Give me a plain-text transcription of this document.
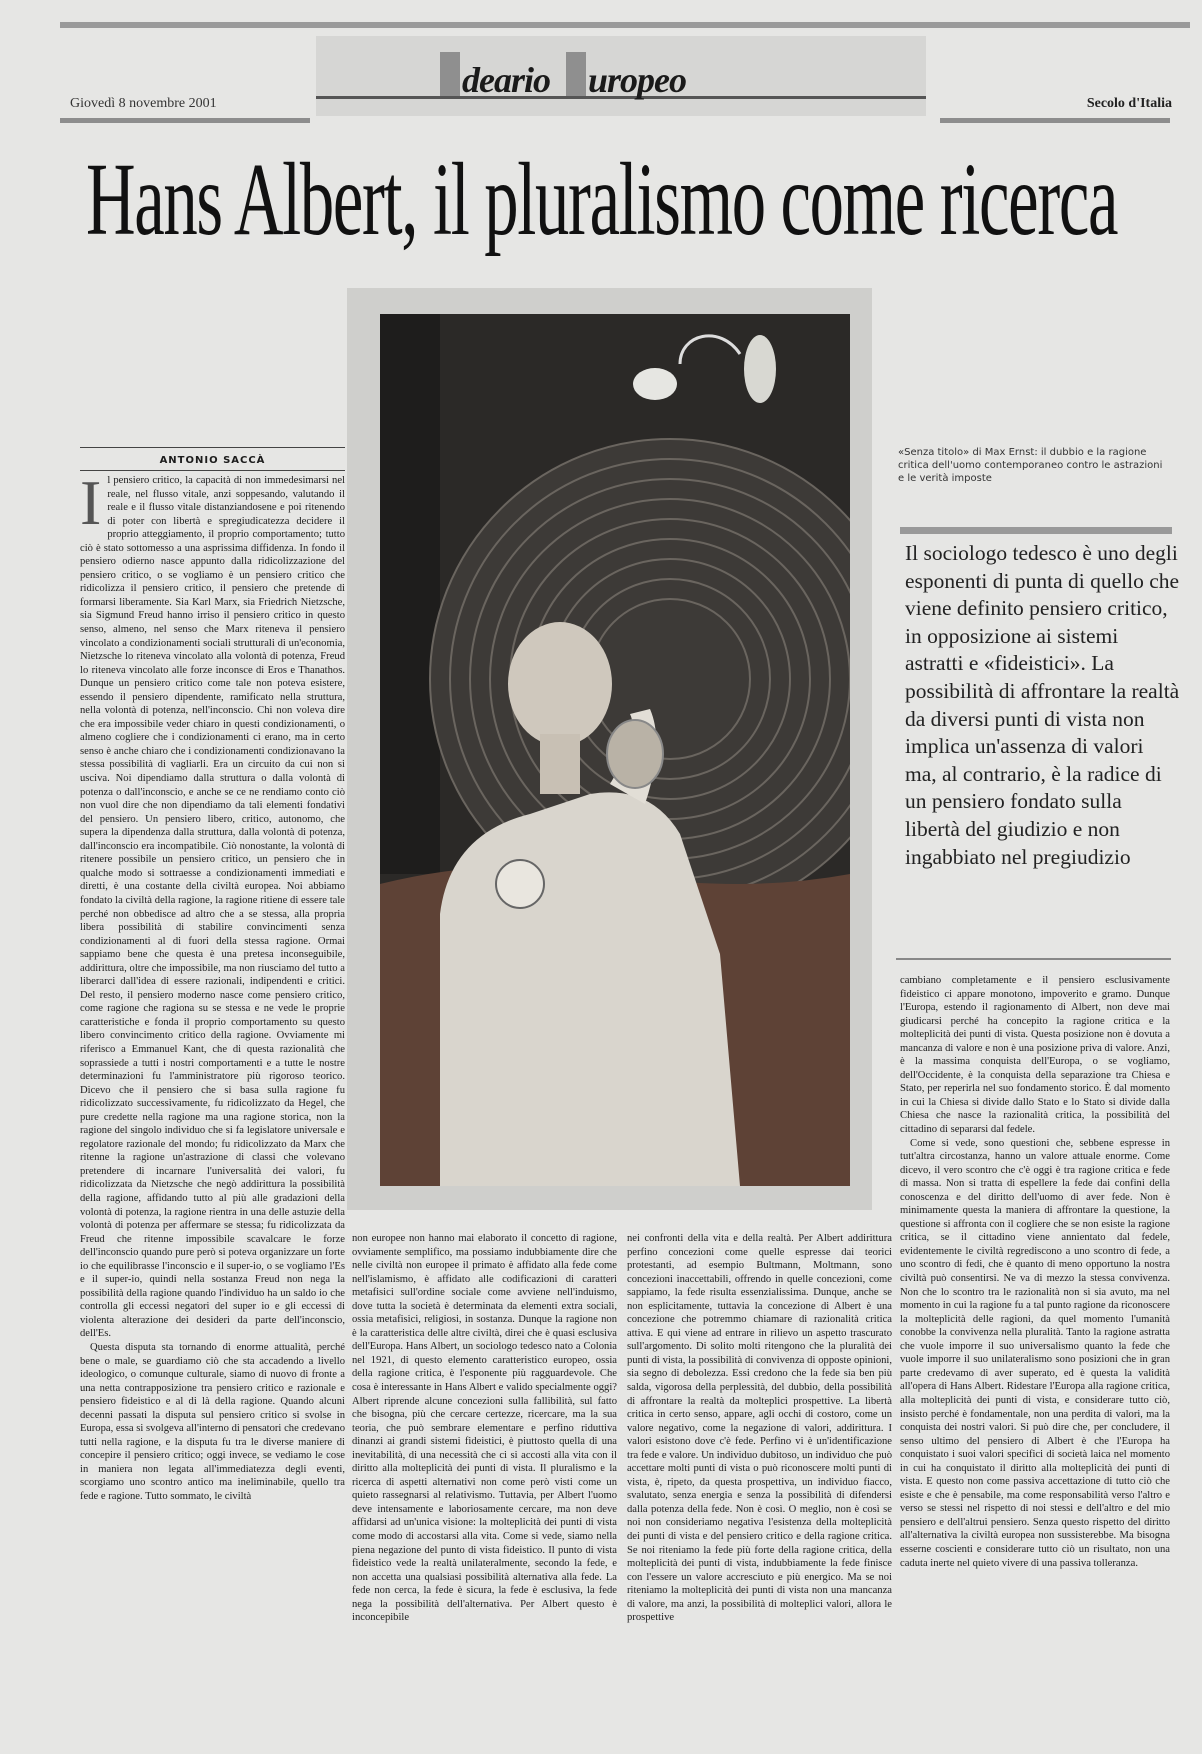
deario uropeo
Giovedì 8 novembre 2001	Secolo d'Italia
Hans Albert, il pluralismo come ricerca
«Senza titolo» di Max Ernst: il dubbio e la ragione critica dell'uomo contemporaneo contro le astrazioni e le verità imposte
Il sociologo tedesco è uno degli esponenti di punta di quello che viene definito pensiero critico, in opposizione ai sistemi astratti e «fideistici». La possibilità di affrontare la realtà da diversi punti di vista non implica un'assenza di valori ma, al contrario, è la radice di un pensiero fondato sulla libertà del giudizio e non ingabbiato nel pregiudizio
ANTONIO SACCÀ
I l pensiero critico, la capacità di non immedesimarsi nel reale, nel flusso vitale, anzi soppesando, valutando il reale e il flusso vitale distanziandosene e poi ritenendo di poter con libertà e spregiudicatezza decidere il proprio atteggiamento, il proprio comportamento; tutto ciò è stato sottomesso a una asprissima diffidenza. In fondo il pensiero odierno nasce appunto dalla ridicolizzazione del pensiero critico, o se vogliamo è un pensiero critico che ridicolizza il pensiero critico, il pensiero che pretende di formarsi liberamente. Sia Karl Marx, sia Friedrich Nietzsche, sia Sigmund Freud hanno irriso il pensiero critico in questo senso, almeno, nel senso che Marx riteneva il pensiero vincolato a condizionamenti sociali strutturali di un'economia, Nietzsche lo riteneva vincolato alla volontà di potenza, Freud lo riteneva vincolato alle forze inconsce di Eros e Thanathos. Dunque un pensiero critico come tale non poteva esistere, essendo il pensiero dipendente, ramificato nella struttura, nella volontà di potenza, nell'inconscio. Chi non voleva dire che era impossibile veder chiaro in questi condizionamenti, o almeno cogliere che i condizionamenti ci erano, ma in certo senso è anche chiaro che i condizionamenti condizionavano la stessa possibilità di vagliarli. Era un circuito da cui non si usciva. Noi dipendiamo dalla struttura o dalla volontà di potenza o dall'inconscio, e anche se ce ne rendiamo conto ciò non vuol dire che non dipendiamo da tali elementi fondativi del pensiero. Un pensiero libero, critico, autonomo, che supera la dipendenza dalla struttura, dalla volontà di potenza, dall'inconscio era incompatibile. Ciò nonostante, la volontà di ritenere possibile un pensiero critico, un pensiero che in qualche modo si sottraesse a condizionamenti immediati e diretti, è una costante della civiltà europea. Noi abbiamo fondato la civiltà della ragione, la ragione ritiene di essere tale perché non obbedisce ad altro che a se stessa, alla propria libera possibilità di stabilire convincimenti senza condizionamenti al di fuori della stessa ragione. Ormai sappiamo bene che questa è una pretesa inconseguibile, addirittura, oltre che impossibile, ma non riusciamo del tutto a liberarci dall'idea di essere razionali, indipendenti e critici. Del resto, il pensiero moderno nasce come pensiero critico, come ragione che ragiona su se stessa e ne vede le proprie caratteristiche e fonda il proprio comportamento su questo libero convincimento critico della ragione. Ovviamente mi riferisco a Emmanuel Kant, che di questa razionalità che soprassiede a tutti i nostri comportamenti e a tutte le nostre determinazioni fu l'amministratore più rigoroso teorico. Dicevo che il pensiero che si basa sulla ragione fu ridicolizzato successivamente, fu ridicolizzato da Hegel, che pure credette nella ragione ma una ragione storica, non la ragione del singolo individuo che si fa legislatore universale e regolatore razionale del mondo; fu ridicolizzato da Marx che ritenne la ragione un'astrazione di classi che volevano pretendere di incarnare l'universalità dei valori, fu ridicolizzata da Nietzsche che negò addirittura la possibilità della ragione, affidando tutto al più alle gradazioni della volontà di potenza, la ragione rientra in una delle astuzie della volontà di potenza per affermare se stessa; fu ridicolizzata da Freud che ritenne impossibile scavalcare le forze dell'inconscio quando pure però si poteva organizzare un forte io che equilibrasse l'inconscio e il super-io, o se vogliamo l'Es e il super-io, quindi nella sostanza Freud non nega la possibilità della ragione quando l'individuo ha un saldo io che controlla gli eccessi negatori del super io e gli eccessi di violenta alterazione dei desideri da parte dell'inconscio, dell'Es.

Questa disputa sta tornando di enorme attualità, perché bene o male, se guardiamo ciò che sta accadendo a livello ideologico, o comunque culturale, siamo di nuovo di fronte a una netta contrapposizione tra pensiero critico e razionale e pensiero fideistico e al di là della ragione. Quando alcuni decenni passati la disputa sul pensiero critico si svolse in Europa, essa si svolgeva all'interno di pensatori che credevano tutti nella ragione, e la disputa fu tra le diverse maniere di concepire il pensiero critico; oggi invece, se vediamo le cose in maniera non legata all'immediatezza degli eventi, scorgiamo uno scontro antico ma ineliminabile, quello tra fede e ragione. Tutto sommato, le civiltà

non europee non hanno mai elaborato il concetto di ragione, ovviamente semplifico, ma possiamo indubbiamente dire che nelle civiltà non europee il primato è affidato alla fede come nell'islamismo, è affidato alle codificazioni di caratteri metafisici sull'ordine sociale come avviene nell'induismo, dove tutta la società è determinata da elementi extra sociali, ossia metafisici, religiosi, in sostanza. Dunque la ragione non è la caratteristica delle altre civiltà, direi che è quasi esclusiva dell'Europa. Hans Albert, un sociologo tedesco nato a Colonia nel 1921, di questo elemento caratteristico europeo, ossia della ragione critica, è l'esponente più ragguardevole. Che cosa è interessante in Hans Albert e valido specialmente oggi? Albert riprende alcune concezioni sulla fallibilità, sul fatto che bisogna, più che cercare certezze, ricercare, ma la sua teoria, che può sembrare elementare e perfino riduttiva dinanzi ai grandi sistemi fideistici, è piuttosto quella di una inevitabilità, di una necessità che ci si accosti alla vita con il diritto alla molteplicità dei punti di vista. Il pluralismo e la ricerca di aspetti alternativi non come però visti come un quieto rassegnarsi al relativismo. Tuttavia, per Albert l'uomo deve intensamente e laboriosamente cercare, ma non deve affidarsi ad un'unica visione: la molteplicità dei punti di vista come modo di accostarsi alla vita. Come si vede, siamo nella piena negazione del punto di vista fideistico. Il punto di vista fideistico vede la realtà unilateralmente, secondo la fede, e non accetta una qualsiasi possibilità alternativa alla fede. La fede non cerca, la fede è sicura, la fede è esclusiva, la fede nega la possibilità dell'alternativa. Per Albert questo è inconcepibile

nei confronti della vita e della realtà. Per Albert addirittura perfino concezioni come quelle espresse dai teorici protestanti, ad esempio Bultmann, Moltmann, sono concezioni inaccettabili, offrendo in quelle concezioni, come sappiamo, la fede risulta essenzialissima. Dunque, anche se non esplicitamente, tuttavia la concezione di Albert è una concezione che potremmo chiamare di razionalità critica attiva. E qui viene ad entrare in rilievo un aspetto trascurato sull'argomento. Di solito molti ritengono che la pluralità dei punti di vista, la possibilità di convivenza di opposte opinioni, sia segno di debolezza. Essi credono che la fede sia ben più salda, vigorosa della perplessità, del dubbio, della possibilità di affrontare la realtà da molteplici prospettive. La libertà critica in certo senso, appare, agli occhi di costoro, come un valore negativo, come la negazione di valori, addirittura. I valori esistono dove c'è fede. Perfino vi è un'identificazione tra fede e valore. Un individuo dubitoso, un individuo che può accettare molti punti di vista o può riconoscere molti punti di vista, è, ripeto, da questa prospettiva, un individuo fiacco, svalutato, senza energia e senza la possibilità di difendersi dalla potenza della fede. Non è così. O meglio, non è così se noi non consideriamo negativa l'esistenza della molteplicità dei punti di vista e del pensiero critico e della ragione critica. Se noi riteniamo la fede più forte della ragione critica, della molteplicità dei punti di vista, indubbiamente la fede finisce con l'essere un valore accresciuto e più energico. Ma se noi riteniamo la molteplicità dei punti di vista non una mancanza di valore, ma anzi, la possibilità di molteplici valori, allora le prospettive

cambiano completamente e il pensiero esclusivamente fideistico ci appare monotono, impoverito e gramo. Dunque l'Europa, estendo il ragionamento di Albert, non deve mai giudicarsi perché ha concepito la ragione critica e la molteplicità dei punti di vista. Questa posizione non è dovuta a mancanza di valore e non è una posizione priva di valore. Anzi, è la massima conquista dell'Europa, o se vogliamo, dell'Occidente, è la conquista della separazione tra Chiesa e Stato, per reperirla nel suo fondamento storico. È dal momento in cui la Chiesa si divide dallo Stato e lo Stato si divide dalla Chiesa che nasce la razionalità critica, la possibilità del cittadino di separarsi dal fedele.

Come si vede, sono questioni che, sebbene espresse in tutt'altra circostanza, hanno un valore attuale enorme. Come dicevo, il vero scontro che c'è oggi è tra ragione critica e fede di massa. Non si tratta di espellere la fede dai confini della conoscenza e del diritto dell'uomo di aver fede. Non è minimamente questa la maniera di affrontare la questione, la questione si affronta con il cogliere che se non esiste la ragione critica, se il cittadino viene annientato dal fedele, evidentemente le civiltà regrediscono a uno scontro di fede, a uno scontro di fedi, che è quanto di meno opportuno la nostra civiltà può consentirsi. Ne va di mezzo la stessa convivenza. Non che lo scontro tra le razionalità non si sia avuto, ma nel momento in cui la ragione fu a tal punto ragione da riconoscere la molteplicità delle ragioni, da quel momento l'umanità conobbe la convivenza nella pluralità. Tanto la ragione astratta che vuole imporre il suo universalismo quanto la fede che vuole imporre il suo unilateralismo sono posizioni che in gran parte credevamo di aver superato, ed è questa la validità all'opera di Hans Albert. Ridestare l'Europa alla ragione critica, alla molteplicità dei punti di vista, e considerare tutto ciò, insisto perché è fondamentale, non una perdita di valori, ma la conquista dei nostri valori. Si può dire che, per concludere, il senso ultimo del pensiero di Albert è che l'Europa ha conquistato i suoi valori specifici di società laica nel momento in cui ha conquistato il diritto alla molteplicità dei punti di vista. E questo non come passiva accettazione di tutto ciò che esiste e che è pensabile, ma come responsabilità verso l'altro e verso se stessi nel rispetto di noi stessi e dell'altro e del mio pensiero e dell'altrui pensiero. Senza questo rispetto del diritto all'alternativa la civiltà europea non sussisterebbe. Ma bisogna esserne coscienti e considerare tutto ciò un risultato, non una caduta inerte nel quieto vivere di una passiva tolleranza.
